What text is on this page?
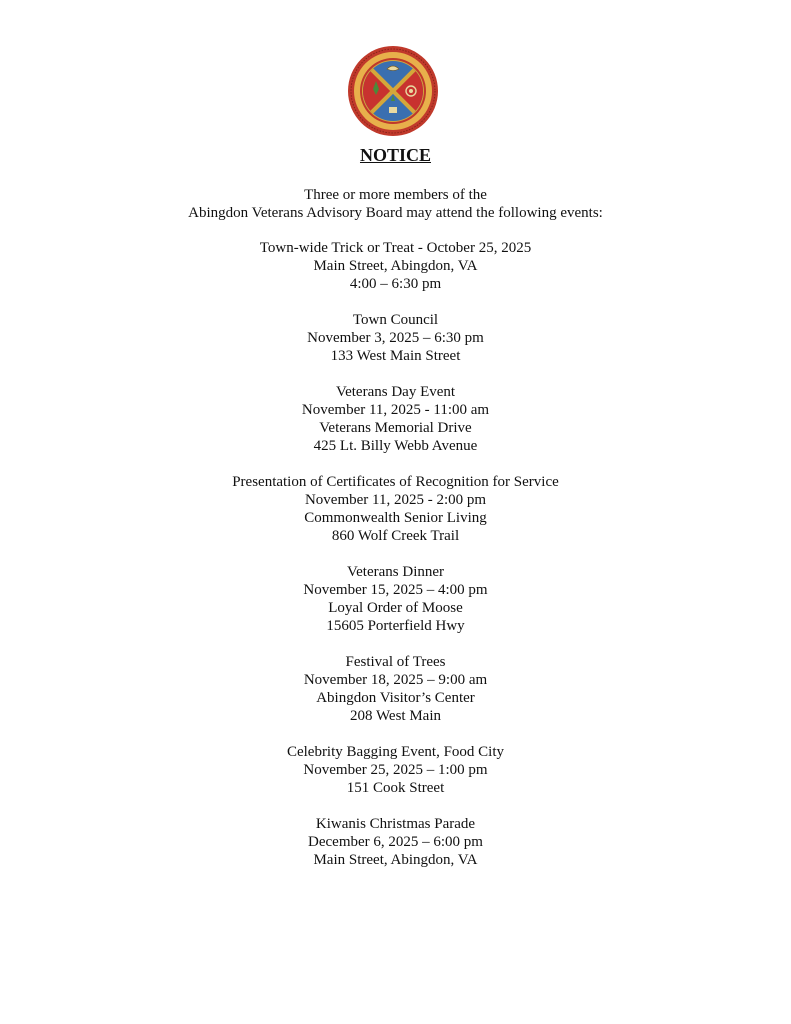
NOTICE
Three or more members of the
Abingdon Veterans Advisory Board may attend the following events:
Town-wide Trick or Treat - October 25, 2025
Main Street, Abingdon, VA
4:00 – 6:30 pm
Town Council
November 3, 2025 – 6:30 pm
133 West Main Street
Veterans Day Event
November 11, 2025 - 11:00 am
Veterans Memorial Drive
425 Lt. Billy Webb Avenue
Presentation of Certificates of Recognition for Service
November 11, 2025 - 2:00 pm
Commonwealth Senior Living
860 Wolf Creek Trail
Veterans Dinner
November 15, 2025 – 4:00 pm
Loyal Order of Moose
15605 Porterfield Hwy
Festival of Trees
November 18, 2025 – 9:00 am
Abingdon Visitor’s Center
208 West Main
Celebrity Bagging Event, Food City
November 25, 2025 – 1:00 pm
151 Cook Street
Kiwanis Christmas Parade
December 6, 2025 – 6:00 pm
Main Street, Abingdon, VA
